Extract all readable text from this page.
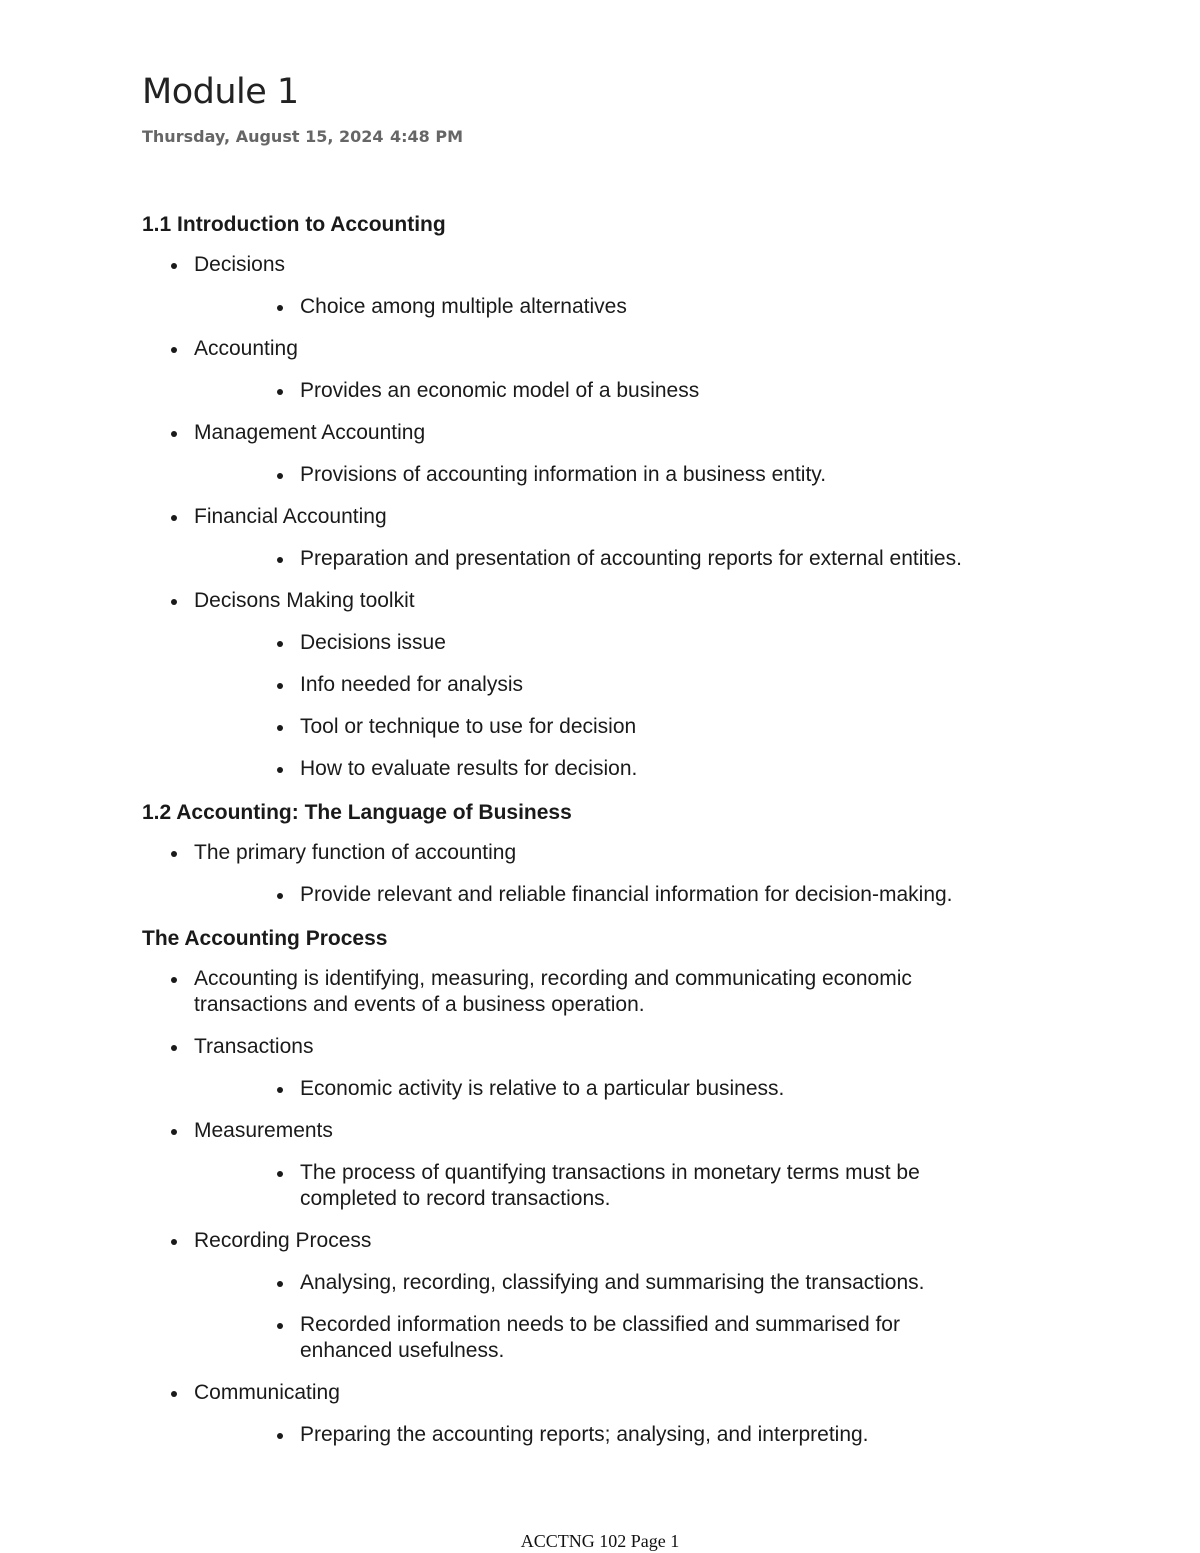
Module 1
Thursday, August 15, 2024 4:48 PM
1.1 Introduction to Accounting
Decisions
Choice among multiple alternatives
Accounting
Provides an economic model of a business
Management Accounting
Provisions of accounting information in a business entity.
Financial Accounting
Preparation and presentation of accounting reports for external entities.
Decisons Making toolkit
Decisions issue
Info needed for analysis
Tool or technique to use for decision
How to evaluate results for decision.
1.2 Accounting: The Language of Business
The primary function of accounting
Provide relevant and reliable financial information for decision-making.
The Accounting Process
Accounting is identifying, measuring, recording and communicating economic transactions and events of a business operation.
Transactions
Economic activity is relative to a particular business.
Measurements
The process of quantifying transactions in monetary terms must be completed to record transactions.
Recording Process
Analysing, recording, classifying and summarising the transactions.
Recorded information needs to be classified and summarised for enhanced usefulness.
Communicating
Preparing the accounting reports; analysing, and interpreting.
ACCTNG 102 Page 1
